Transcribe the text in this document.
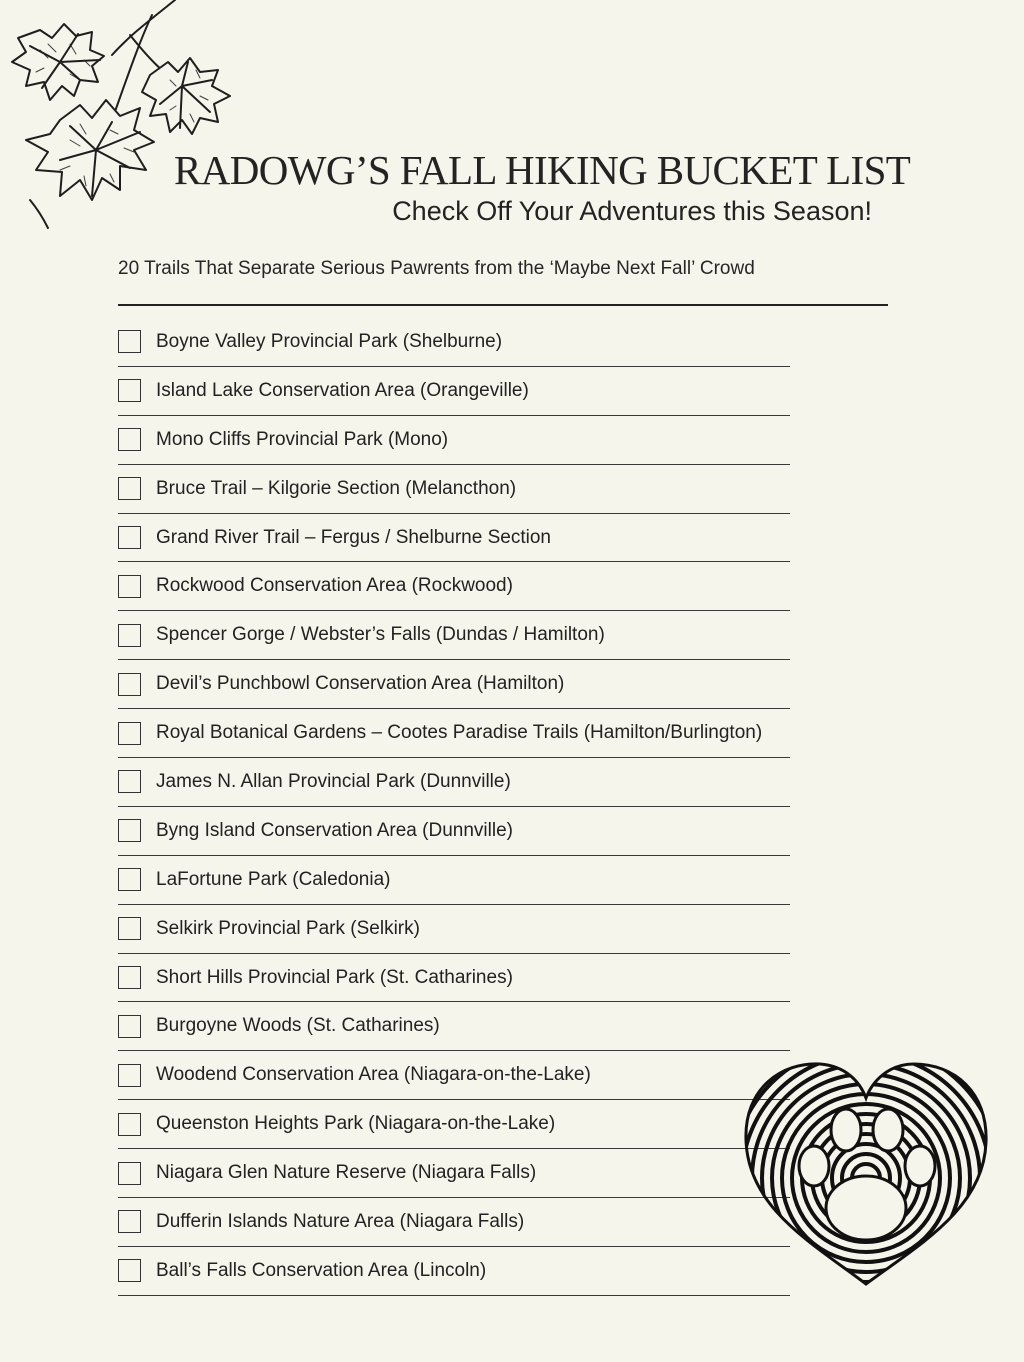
RADOWG’S FALL HIKING BUCKET LIST
Check Off Your Adventures this Season!
20 Trails That Separate Serious Pawrents from the ‘Maybe Next Fall’ Crowd
Boyne Valley Provincial Park (Shelburne)
Island Lake Conservation Area (Orangeville)
Mono Cliffs Provincial Park (Mono)
Bruce Trail – Kilgorie Section (Melancthon)
Grand River Trail – Fergus / Shelburne Section
Rockwood Conservation Area (Rockwood)
Spencer Gorge / Webster’s Falls (Dundas / Hamilton)
Devil’s Punchbowl Conservation Area (Hamilton)
Royal Botanical Gardens – Cootes Paradise Trails (Hamilton/Burlington)
James N. Allan Provincial Park (Dunnville)
Byng Island Conservation Area (Dunnville)
LaFortune Park (Caledonia)
Selkirk Provincial Park (Selkirk)
Short Hills Provincial Park (St. Catharines)
Burgoyne Woods (St. Catharines)
Woodend Conservation Area (Niagara-on-the-Lake)
Queenston Heights Park (Niagara-on-the-Lake)
Niagara Glen Nature Reserve (Niagara Falls)
Dufferin Islands Nature Area (Niagara Falls)
Ball’s Falls Conservation Area (Lincoln)
